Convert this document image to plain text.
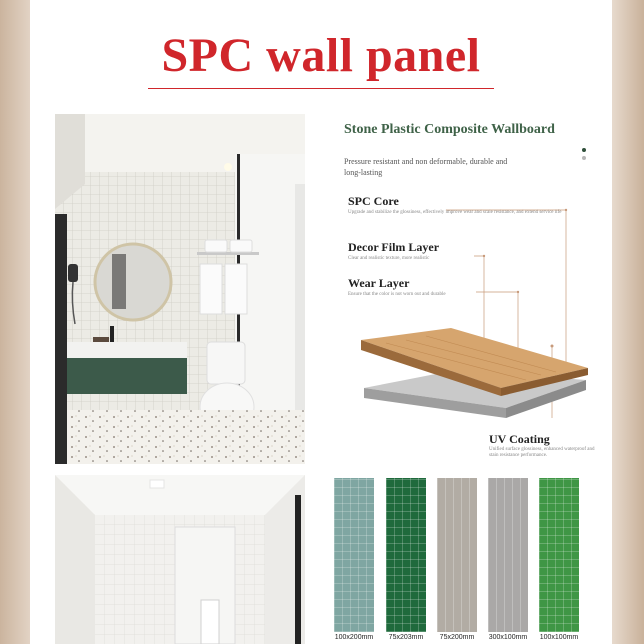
SPC wall panel
Stone Plastic Composite Wallboard
Pressure resistant and non deformable, durable and long-lasting
SPC Core
Upgrade and stabilize the glossiness, effectively improve wear and scale resistance, and extend service life
Decor Film Layer
Clear and realistic texture, more realistic
Wear Layer
Ensure that the color is not worn out and durable
UV Coating
Unified surface glossiness, enhanced waterproof and stain resistance performance.
100x200mm	75x203mm	75x200mm	300x100mm	100x100mm
